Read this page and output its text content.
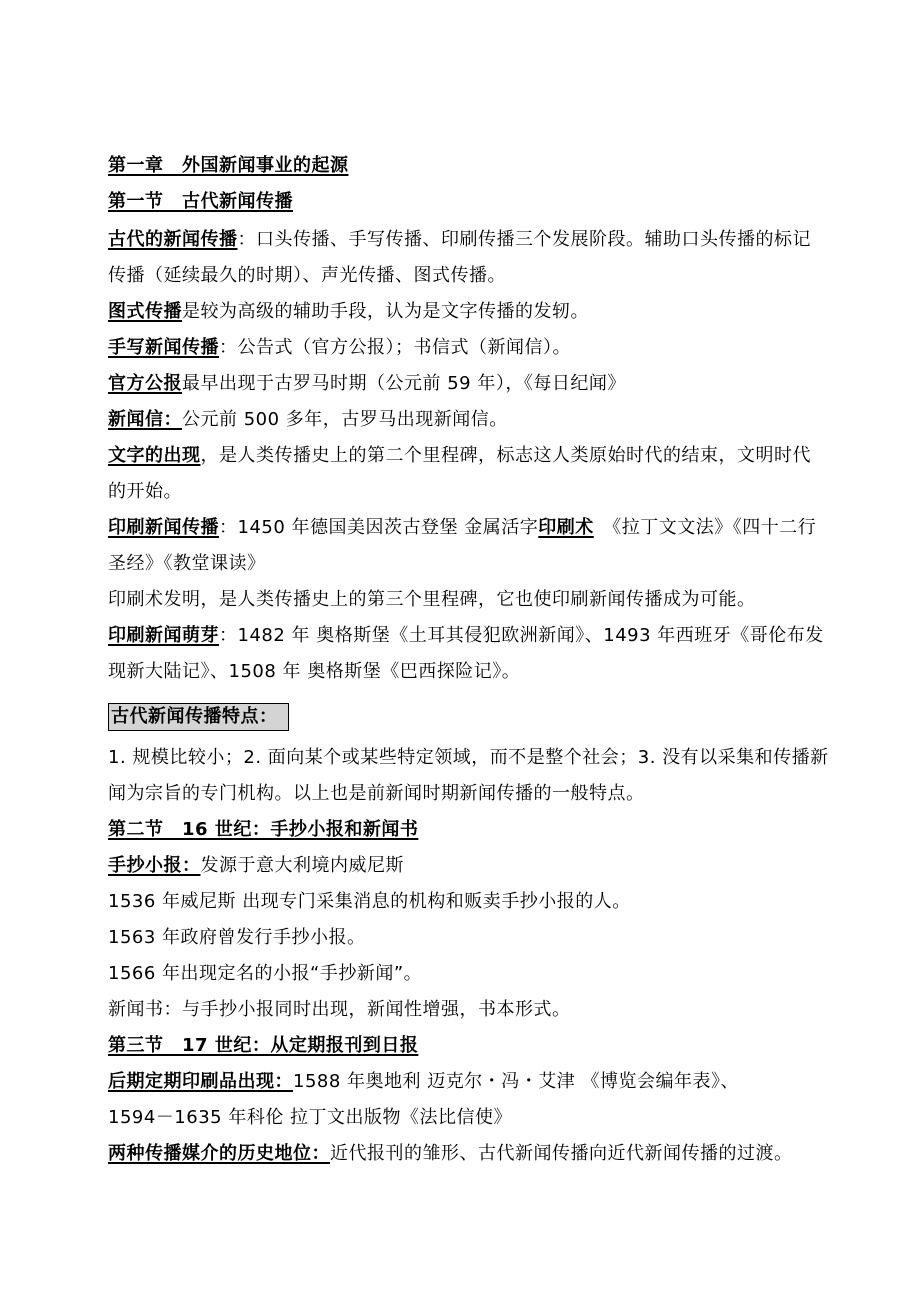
第一章　外国新闻事业的起源
第一节　古代新闻传播
古代的新闻传播：口头传播、手写传播、印刷传播三个发展阶段。辅助口头传播的标记
传播（延续最久的时期）、声光传播、图式传播。
图式传播是较为高级的辅助手段，认为是文字传播的发轫。
手写新闻传播：公告式（官方公报）；书信式（新闻信）。
官方公报最早出现于古罗马时期（公元前 59 年），《每日纪闻》
新闻信：公元前 500 多年，古罗马出现新闻信。
文字的出现，是人类传播史上的第二个里程碑，标志这人类原始时代的结束，文明时代
的开始。
印刷新闻传播：1450 年德国美因茨古登堡 金属活字印刷术　《拉丁文文法》《四十二行
圣经》《教堂课读》
印刷术发明，是人类传播史上的第三个里程碑，它也使印刷新闻传播成为可能。
印刷新闻萌芽：1482 年 奥格斯堡《土耳其侵犯欧洲新闻》、1493 年西班牙《哥伦布发
现新大陆记》、1508 年 奥格斯堡《巴西探险记》。
古代新闻传播特点：
1. 规模比较小；2. 面向某个或某些特定领域，而不是整个社会；3. 没有以采集和传播新
闻为宗旨的专门机构。以上也是前新闻时期新闻传播的一般特点。
第二节　16 世纪：手抄小报和新闻书
手抄小报：发源于意大利境内威尼斯
1536 年威尼斯 出现专门采集消息的机构和贩卖手抄小报的人。
1563 年政府曾发行手抄小报。
1566 年出现定名的小报“手抄新闻”。
新闻书：与手抄小报同时出现，新闻性增强，书本形式。
第三节　17 世纪：从定期报刊到日报
后期定期印刷品出现：1588 年奥地利 迈克尔・冯・艾津 《博览会编年表》、
1594－1635 年科伦 拉丁文出版物《法比信使》
两种传播媒介的历史地位：近代报刊的雏形、古代新闻传播向近代新闻传播的过渡。
